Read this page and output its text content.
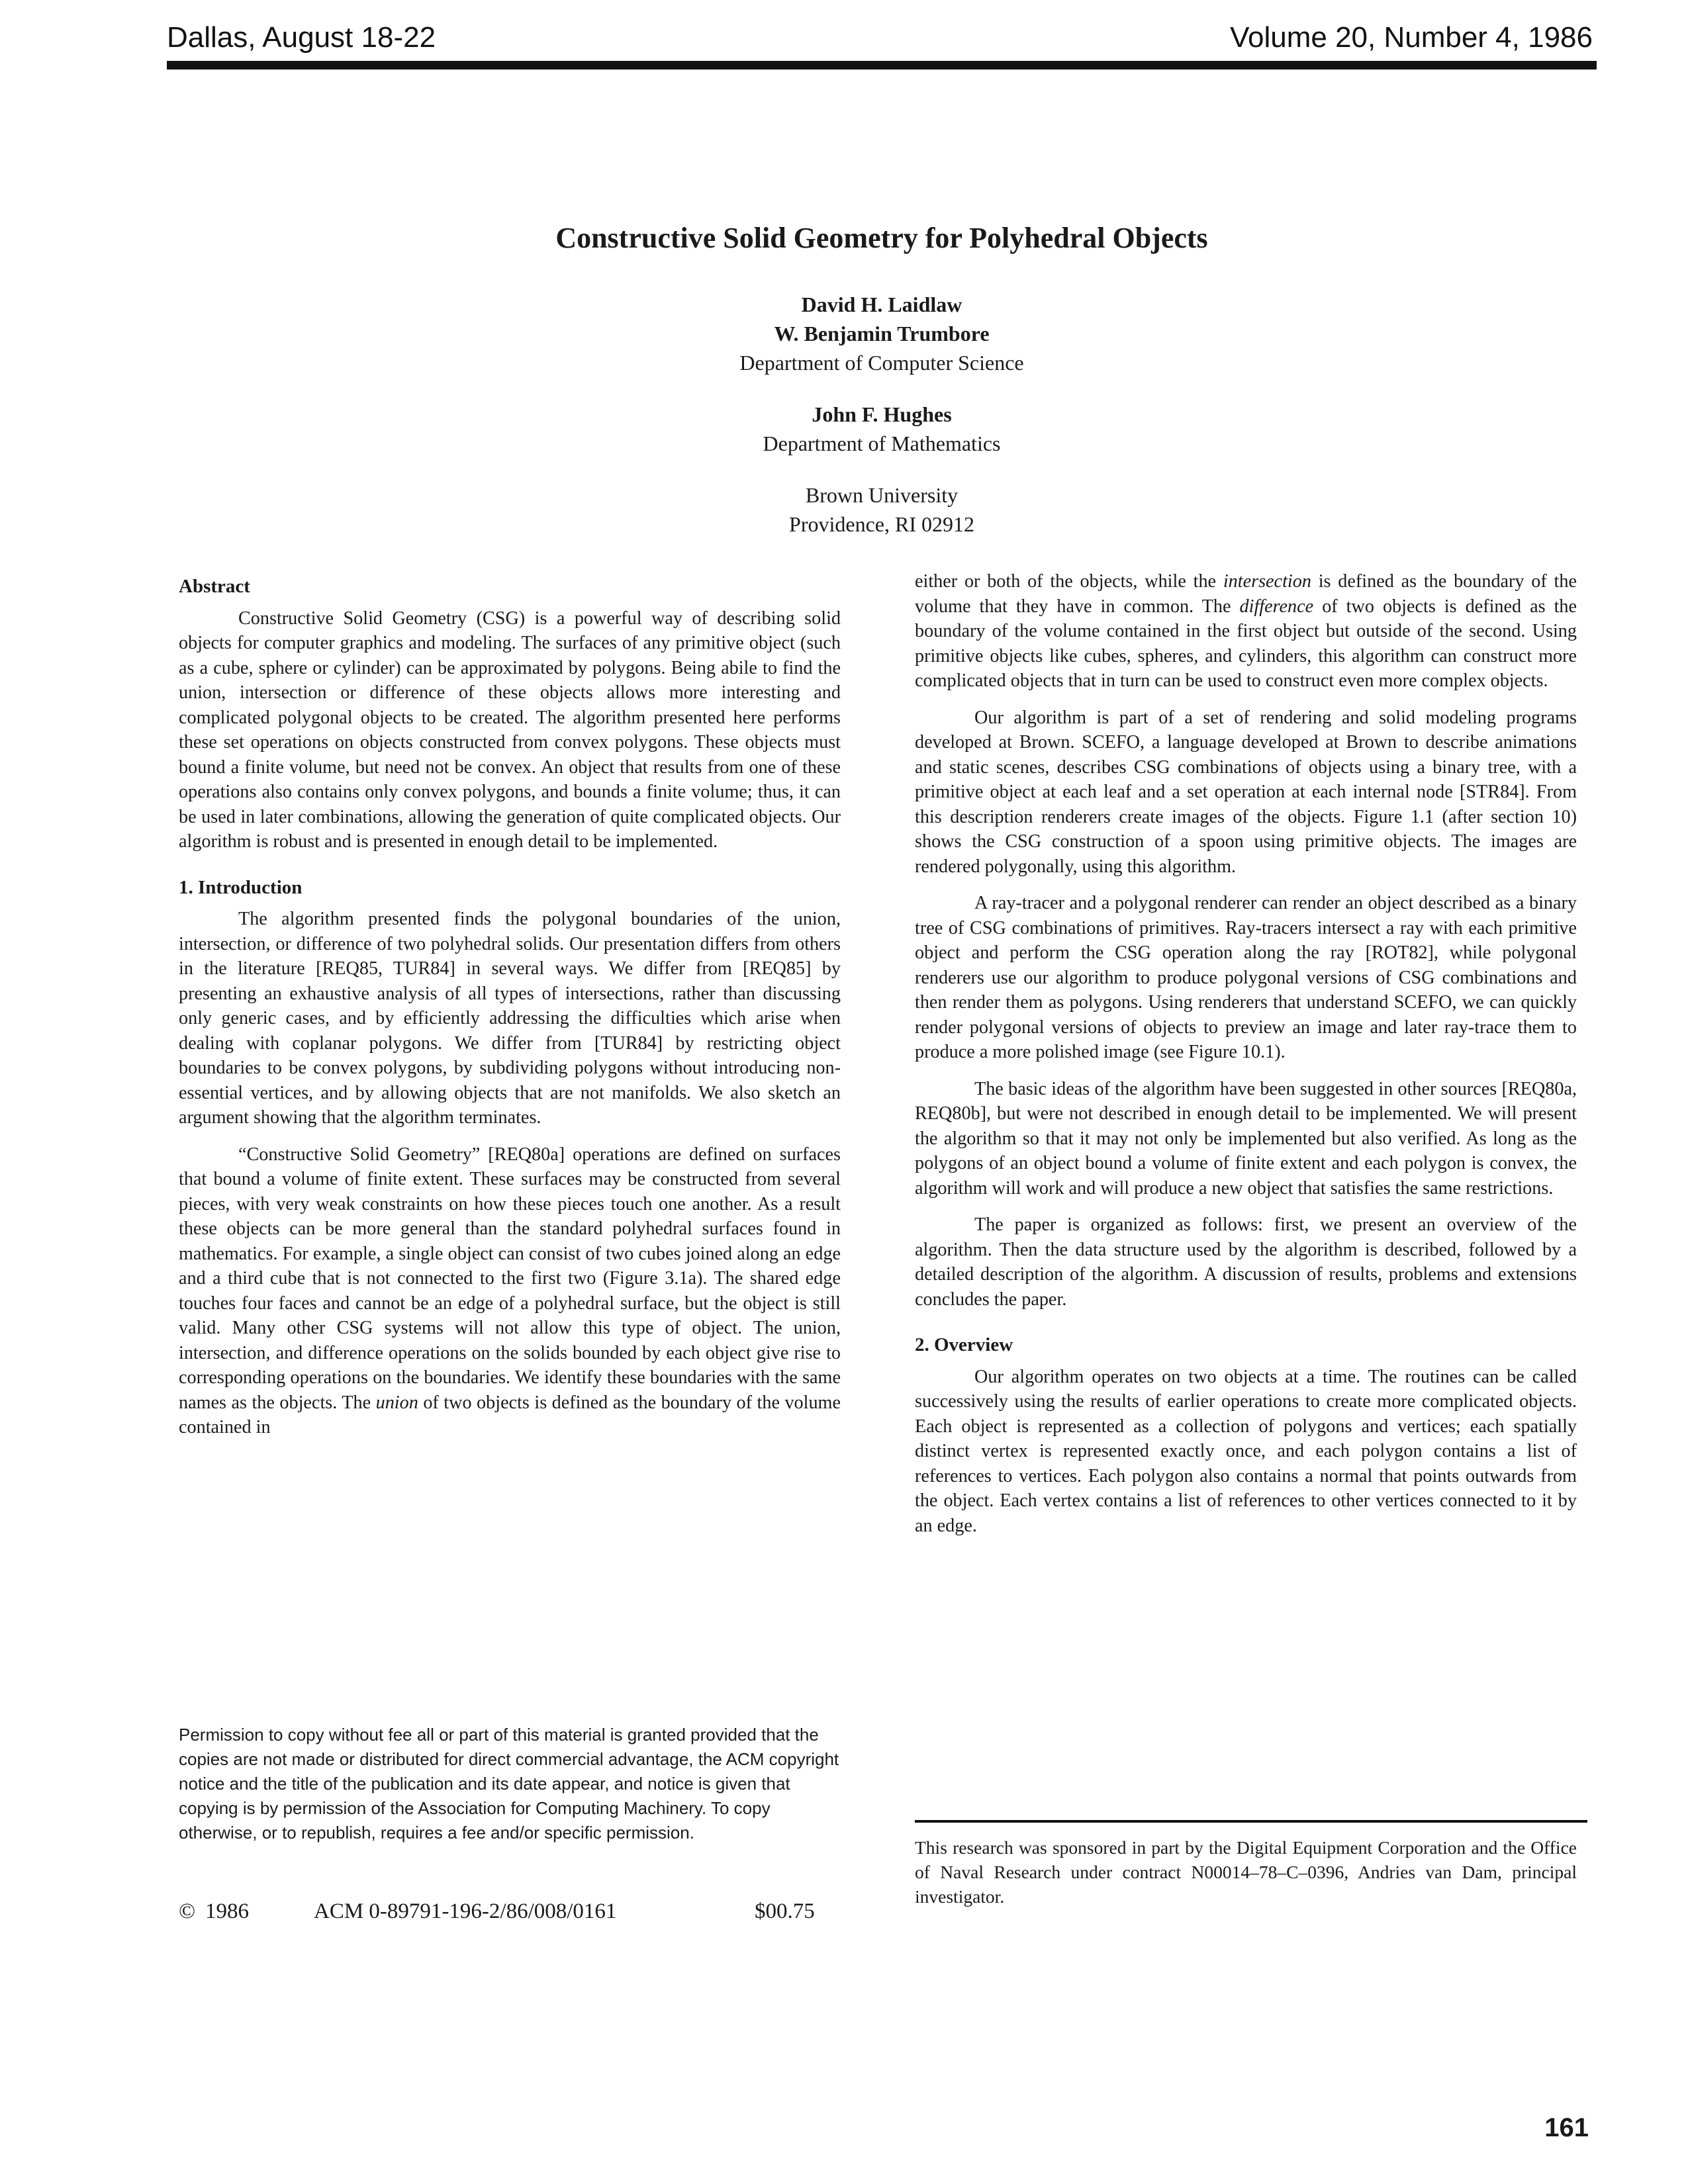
Dallas, August 18-22	Volume 20, Number 4, 1986
Constructive Solid Geometry for Polyhedral Objects
David H. Laidlaw
W. Benjamin Trumbore
Department of Computer Science
John F. Hughes
Department of Mathematics
Brown University
Providence, RI 02912
Abstract

Constructive Solid Geometry (CSG) is a powerful way of describing solid objects for computer graphics and modeling. The surfaces of any primitive object (such as a cube, sphere or cylinder) can be approximated by polygons. Being abile to find the union, intersection or difference of these objects allows more interesting and complicated polygonal objects to be created. The algorithm presented here performs these set operations on objects constructed from convex polygons. These objects must bound a finite volume, but need not be convex. An object that results from one of these operations also contains only convex polygons, and bounds a finite volume; thus, it can be used in later combinations, allowing the generation of quite complicated objects. Our algorithm is robust and is presented in enough detail to be implemented.

1. Introduction

The algorithm presented finds the polygonal boundaries of the union, intersection, or difference of two polyhedral solids. Our presentation differs from others in the literature [REQ85, TUR84] in several ways. We differ from [REQ85] by presenting an exhaustive analysis of all types of intersections, rather than discussing only generic cases, and by efficiently addressing the difficulties which arise when dealing with coplanar polygons. We differ from [TUR84] by restricting object boundaries to be convex polygons, by subdividing polygons without introducing non-essential vertices, and by allowing objects that are not manifolds. We also sketch an argument showing that the algorithm terminates.

“Constructive Solid Geometry” [REQ80a] operations are defined on surfaces that bound a volume of finite extent. These surfaces may be constructed from several pieces, with very weak constraints on how these pieces touch one another. As a result these objects can be more general than the standard polyhedral surfaces found in mathematics. For example, a single object can consist of two cubes joined along an edge and a third cube that is not connected to the first two (Figure 3.1a). The shared edge touches four faces and cannot be an edge of a polyhedral surface, but the object is still valid. Many other CSG systems will not allow this type of object. The union, intersection, and difference operations on the solids bounded by each object give rise to corresponding operations on the boundaries. We identify these boundaries with the same names as the objects. The union of two objects is defined as the boundary of the volume contained in

Permission to copy without fee all or part of this material is granted provided that the copies are not made or distributed for direct commercial advantage, the ACM copyright notice and the title of the publication and its date appear, and notice is given that copying is by permission of the Association for Computing Machinery. To copy otherwise, or to republish, requires a fee and/or specific permission.
© 1986	ACM 0-89791-196-2/86/008/0161	$00.75

either or both of the objects, while the intersection is defined as the boundary of the volume that they have in common. The difference of two objects is defined as the boundary of the volume contained in the first object but outside of the second. Using primitive objects like cubes, spheres, and cylinders, this algorithm can construct more complicated objects that in turn can be used to construct even more complex objects.

Our algorithm is part of a set of rendering and solid modeling programs developed at Brown. SCEFO, a language developed at Brown to describe animations and static scenes, describes CSG combinations of objects using a binary tree, with a primitive object at each leaf and a set operation at each internal node [STR84]. From this description renderers create images of the objects. Figure 1.1 (after section 10) shows the CSG construction of a spoon using primitive objects. The images are rendered polygonally, using this algorithm.

A ray-tracer and a polygonal renderer can render an object described as a binary tree of CSG combinations of primitives. Ray-tracers intersect a ray with each primitive object and perform the CSG operation along the ray [ROT82], while polygonal renderers use our algorithm to produce polygonal versions of CSG combinations and then render them as polygons. Using renderers that understand SCEFO, we can quickly render polygonal versions of objects to preview an image and later ray-trace them to produce a more polished image (see Figure 10.1).

The basic ideas of the algorithm have been suggested in other sources [REQ80a, REQ80b], but were not described in enough detail to be implemented. We will present the algorithm so that it may not only be implemented but also verified. As long as the polygons of an object bound a volume of finite extent and each polygon is convex, the algorithm will work and will produce a new object that satisfies the same restrictions.

The paper is organized as follows: first, we present an overview of the algorithm. Then the data structure used by the algorithm is described, followed by a detailed description of the algorithm. A discussion of results, problems and extensions concludes the paper.

2. Overview

Our algorithm operates on two objects at a time. The routines can be called successively using the results of earlier operations to create more complicated objects. Each object is represented as a collection of polygons and vertices; each spatially distinct vertex is represented exactly once, and each polygon contains a list of references to vertices. Each polygon also contains a normal that points outwards from the object. Each vertex contains a list of references to other vertices connected to it by an edge.

This research was sponsored in part by the Digital Equipment Corporation and the Office of Naval Research under contract N00014–78–C–0396, Andries van Dam, principal investigator.
161
